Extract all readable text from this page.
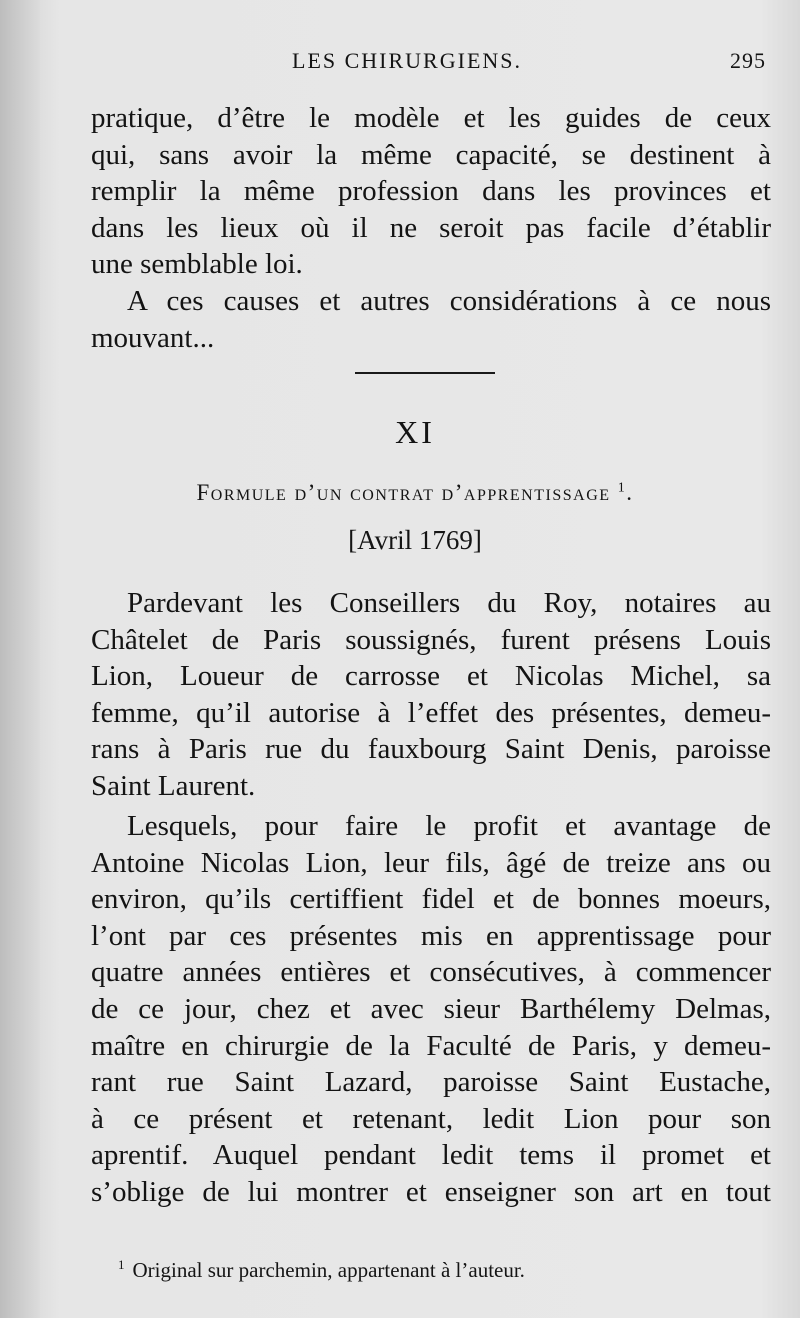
LES CHIRURGIENS.	295
pratique, d’être le modèle et les guides de ceux
qui, sans avoir la même capacité, se destinent à
remplir la même profession dans les provinces et
dans les lieux où il ne seroit pas facile d’établir
une semblable loi.
A ces causes et autres considérations à ce nous
mouvant...
XI
Formule d’un contrat d’apprentissage $^1$.
[Avril 1769]
Pardevant les Conseillers du Roy, notaires au
Châtelet de Paris soussignés, furent présens Louis
Lion, Loueur de carrosse et Nicolas Michel, sa
femme, qu’il autorise à l’effet des présentes, demeu-
rans à Paris rue du fauxbourg Saint Denis, paroisse
Saint Laurent.
Lesquels, pour faire le profit et avantage de
Antoine Nicolas Lion, leur fils, âgé de treize ans ou
environ, qu’ils certiffient fidel et de bonnes moeurs,
l’ont par ces présentes mis en apprentissage pour
quatre années entières et consécutives, à commencer
de ce jour, chez et avec sieur Barthélemy Delmas,
maître en chirurgie de la Faculté de Paris, y demeu-
rant rue Saint Lazard, paroisse Saint Eustache,
à ce présent et retenant, ledit Lion pour son
aprentif. Auquel pendant ledit tems il promet et
s’oblige de lui montrer et enseigner son art en tout
$^1$ Original sur parchemin, appartenant à l’auteur.
